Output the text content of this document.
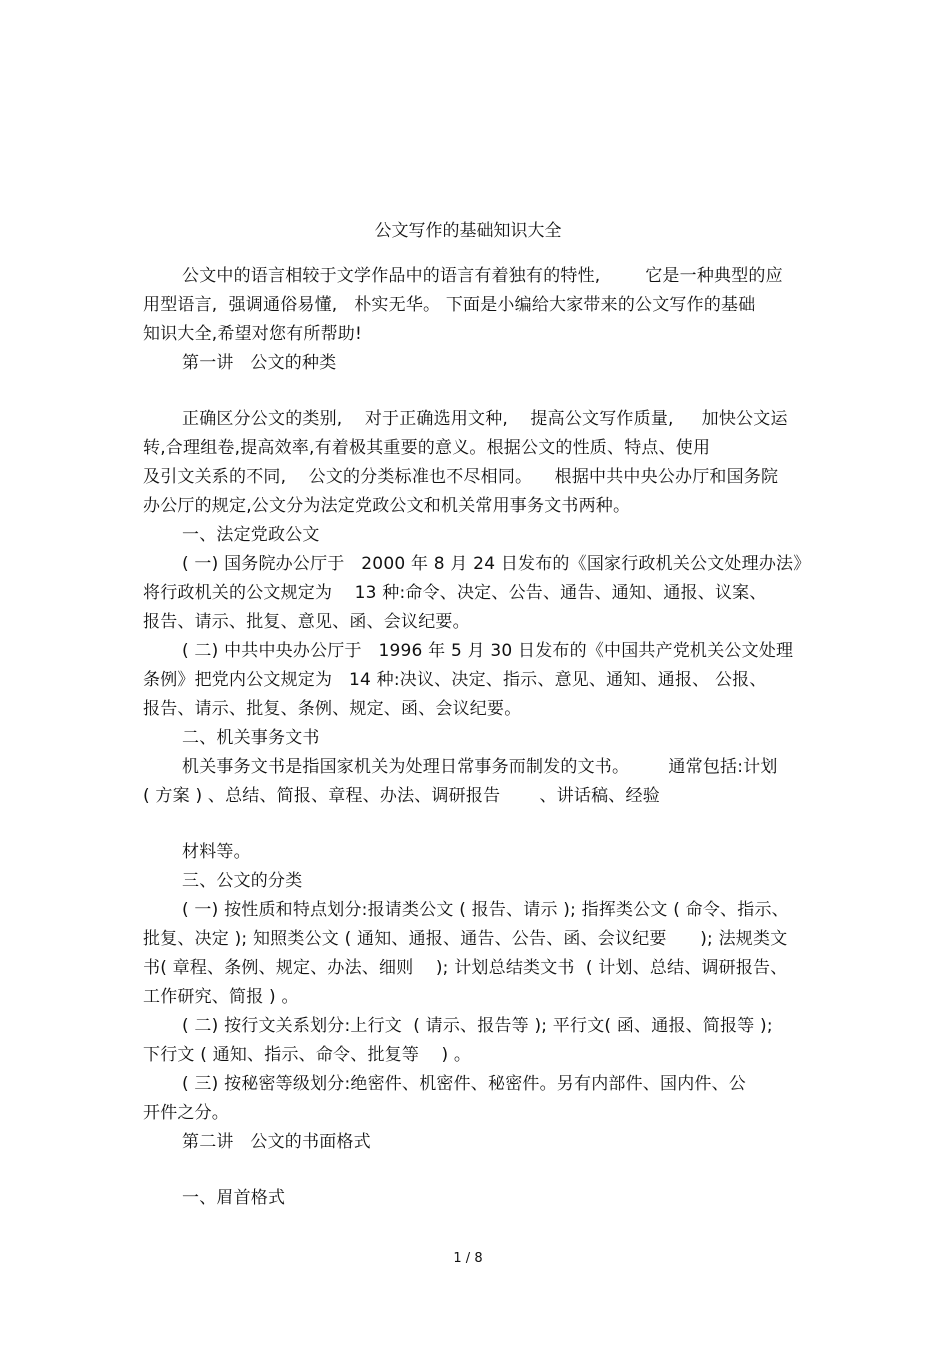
公文写作的基础知识大全
公文中的语言相较于文学作品中的语言有着独有的特性,        它是一种典型的应
用型语言,  强调通俗易懂,   朴实无华。 下面是小编给大家带来的公文写作的基础
知识大全,希望对您有所帮助!
第一讲   公文的种类
正确区分公文的类别,    对于正确选用文种,    提高公文写作质量,     加快公文运
转,合理组卷,提高效率,有着极其重要的意义。根据公文的性质、特点、使用
及引文关系的不同,    公文的分类标准也不尽相同。    根据中共中央公办厅和国务院
办公厅的规定,公文分为法定党政公文和机关常用事务文书两种。
一、法定党政公文
( 一) 国务院办公厅于   2000 年 8 月 24 日发布的《国家行政机关公文处理办法》
将行政机关的公文规定为    13 种:命令、决定、公告、通告、通知、通报、议案、
报告、请示、批复、意见、函、会议纪要。
( 二) 中共中央办公厅于   1996 年 5 月 30 日发布的《中国共产党机关公文处理
条例》把党内公文规定为   14 种:决议、决定、指示、意见、通知、通报、 公报、
报告、请示、批复、条例、规定、函、会议纪要。
二、机关事务文书
机关事务文书是指国家机关为处理日常事务而制发的文书。       通常包括:计划
( 方案 ) 、总结、简报、章程、办法、调研报告       、讲话稿、经验
材料等。
三、公文的分类
( 一) 按性质和特点划分:报请类公文 ( 报告、请示 ); 指挥类公文 ( 命令、指示、
批复、决定 ); 知照类公文 ( 通知、通报、通告、公告、函、会议纪要      ); 法规类文
书( 章程、条例、规定、办法、细则    ); 计划总结类文书  ( 计划、总结、调研报告、
工作研究、简报 ) 。
( 二) 按行文关系划分:上行文  ( 请示、报告等 ); 平行文( 函、通报、简报等 );
下行文 ( 通知、指示、命令、批复等    ) 。
( 三) 按秘密等级划分:绝密件、机密件、秘密件。另有内部件、国内件、公
开件之分。
第二讲   公文的书面格式
一、眉首格式
1 / 8
